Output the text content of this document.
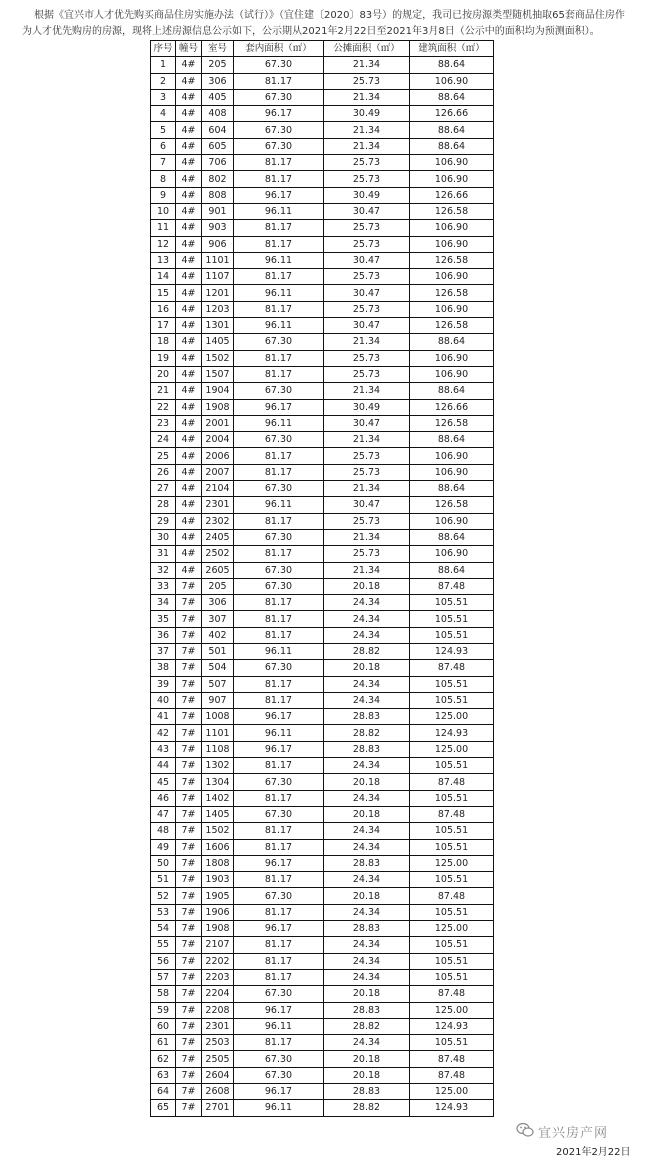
根据《宜兴市人才优先购买商品住房实施办法（试行）》（宜住建〔2020〕83号）的规定，我司已按房源类型随机抽取65套商品住房作为人才优先购房的房源，现将上述房源信息公示如下，公示期从2021年2月22日至2021年3月8日（公示中的面积均为预测面积）。
序号	幢号	室号	套内面积（㎡）	公摊面积（㎡）	建筑面积（㎡）
1	4#	205	67.30	21.34	88.64
2	4#	306	81.17	25.73	106.90
3	4#	405	67.30	21.34	88.64
4	4#	408	96.17	30.49	126.66
5	4#	604	67.30	21.34	88.64
6	4#	605	67.30	21.34	88.64
7	4#	706	81.17	25.73	106.90
8	4#	802	81.17	25.73	106.90
9	4#	808	96.17	30.49	126.66
10	4#	901	96.11	30.47	126.58
11	4#	903	81.17	25.73	106.90
12	4#	906	81.17	25.73	106.90
13	4#	1101	96.11	30.47	126.58
14	4#	1107	81.17	25.73	106.90
15	4#	1201	96.11	30.47	126.58
16	4#	1203	81.17	25.73	106.90
17	4#	1301	96.11	30.47	126.58
18	4#	1405	67.30	21.34	88.64
19	4#	1502	81.17	25.73	106.90
20	4#	1507	81.17	25.73	106.90
21	4#	1904	67.30	21.34	88.64
22	4#	1908	96.17	30.49	126.66
23	4#	2001	96.11	30.47	126.58
24	4#	2004	67.30	21.34	88.64
25	4#	2006	81.17	25.73	106.90
26	4#	2007	81.17	25.73	106.90
27	4#	2104	67.30	21.34	88.64
28	4#	2301	96.11	30.47	126.58
29	4#	2302	81.17	25.73	106.90
30	4#	2405	67.30	21.34	88.64
31	4#	2502	81.17	25.73	106.90
32	4#	2605	67.30	21.34	88.64
33	7#	205	67.30	20.18	87.48
34	7#	306	81.17	24.34	105.51
35	7#	307	81.17	24.34	105.51
36	7#	402	81.17	24.34	105.51
37	7#	501	96.11	28.82	124.93
38	7#	504	67.30	20.18	87.48
39	7#	507	81.17	24.34	105.51
40	7#	907	81.17	24.34	105.51
41	7#	1008	96.17	28.83	125.00
42	7#	1101	96.11	28.82	124.93
43	7#	1108	96.17	28.83	125.00
44	7#	1302	81.17	24.34	105.51
45	7#	1304	67.30	20.18	87.48
46	7#	1402	81.17	24.34	105.51
47	7#	1405	67.30	20.18	87.48
48	7#	1502	81.17	24.34	105.51
49	7#	1606	81.17	24.34	105.51
50	7#	1808	96.17	28.83	125.00
51	7#	1903	81.17	24.34	105.51
52	7#	1905	67.30	20.18	87.48
53	7#	1906	81.17	24.34	105.51
54	7#	1908	96.17	28.83	125.00
55	7#	2107	81.17	24.34	105.51
56	7#	2202	81.17	24.34	105.51
57	7#	2203	81.17	24.34	105.51
58	7#	2204	67.30	20.18	87.48
59	7#	2208	96.17	28.83	125.00
60	7#	2301	96.11	28.82	124.93
61	7#	2503	81.17	24.34	105.51
62	7#	2505	67.30	20.18	87.48
63	7#	2604	67.30	20.18	87.48
64	7#	2608	96.17	28.83	125.00
65	7#	2701	96.11	28.82	124.93
宜兴房产网
2021年2月22日
